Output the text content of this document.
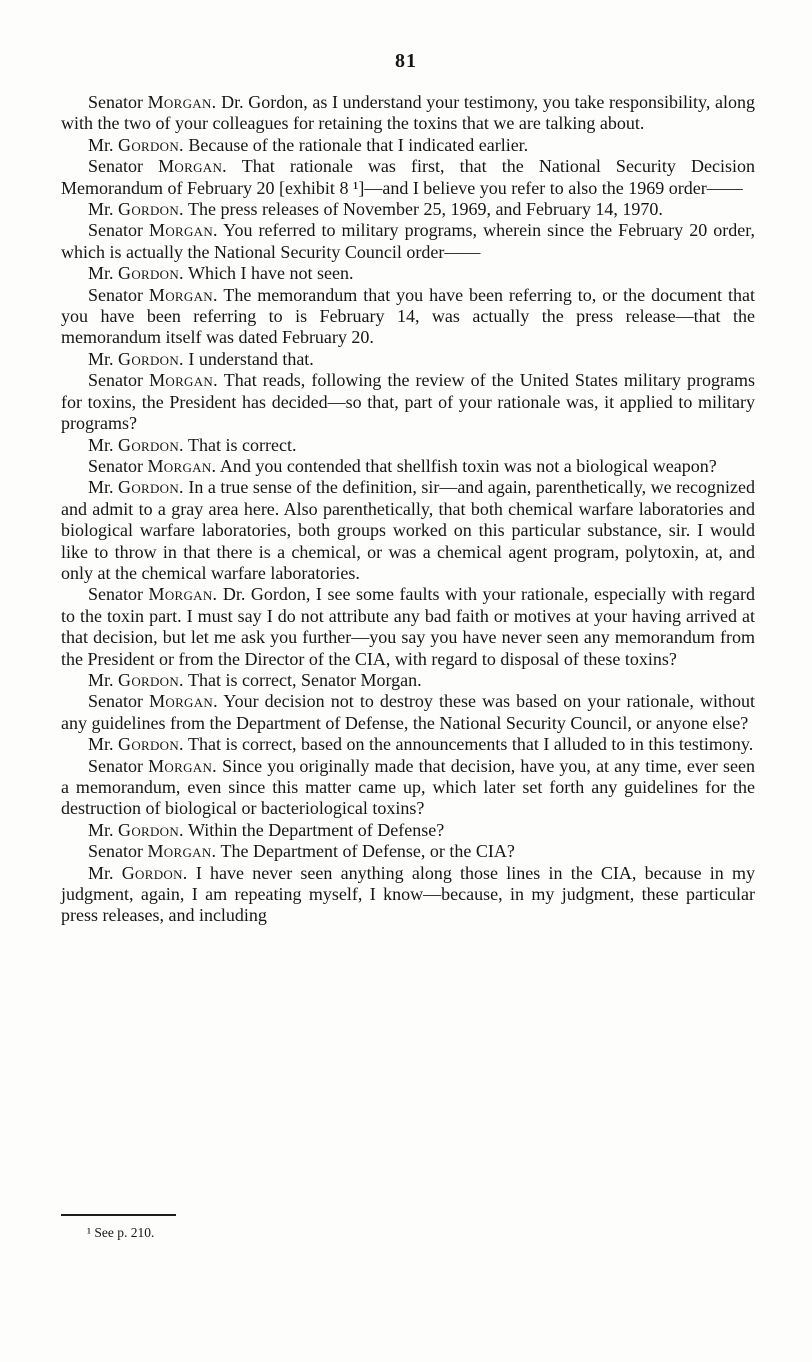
81

Senator Morgan. Dr. Gordon, as I understand your testimony, you take responsibility, along with the two of your colleagues for retaining the toxins that we are talking about.

Mr. Gordon. Because of the rationale that I indicated earlier.

Senator Morgan. That rationale was first, that the National Security Decision Memorandum of February 20 [exhibit 8 ¹]—and I believe you refer to also the 1969 order——

Mr. Gordon. The press releases of November 25, 1969, and February 14, 1970.

Senator Morgan. You referred to military programs, wherein since the February 20 order, which is actually the National Security Council order——

Mr. Gordon. Which I have not seen.

Senator Morgan. The memorandum that you have been referring to, or the document that you have been referring to is February 14, was actually the press release—that the memorandum itself was dated February 20.

Mr. Gordon. I understand that.

Senator Morgan. That reads, following the review of the United States military programs for toxins, the President has decided—so that, part of your rationale was, it applied to military programs?

Mr. Gordon. That is correct.

Senator Morgan. And you contended that shellfish toxin was not a biological weapon?

Mr. Gordon. In a true sense of the definition, sir—and again, parenthetically, we recognized and admit to a gray area here. Also parenthetically, that both chemical warfare laboratories and biological warfare laboratories, both groups worked on this particular substance, sir. I would like to throw in that there is a chemical, or was a chemical agent program, polytoxin, at, and only at the chemical warfare laboratories.

Senator Morgan. Dr. Gordon, I see some faults with your rationale, especially with regard to the toxin part. I must say I do not attribute any bad faith or motives at your having arrived at that decision, but let me ask you further—you say you have never seen any memorandum from the President or from the Director of the CIA, with regard to disposal of these toxins?

Mr. Gordon. That is correct, Senator Morgan.

Senator Morgan. Your decision not to destroy these was based on your rationale, without any guidelines from the Department of Defense, the National Security Council, or anyone else?

Mr. Gordon. That is correct, based on the announcements that I alluded to in this testimony.

Senator Morgan. Since you originally made that decision, have you, at any time, ever seen a memorandum, even since this matter came up, which later set forth any guidelines for the destruction of biological or bacteriological toxins?

Mr. Gordon. Within the Department of Defense?

Senator Morgan. The Department of Defense, or the CIA?

Mr. Gordon. I have never seen anything along those lines in the CIA, because in my judgment, again, I am repeating myself, I know—because, in my judgment, these particular press releases, and including

¹ See p. 210.
